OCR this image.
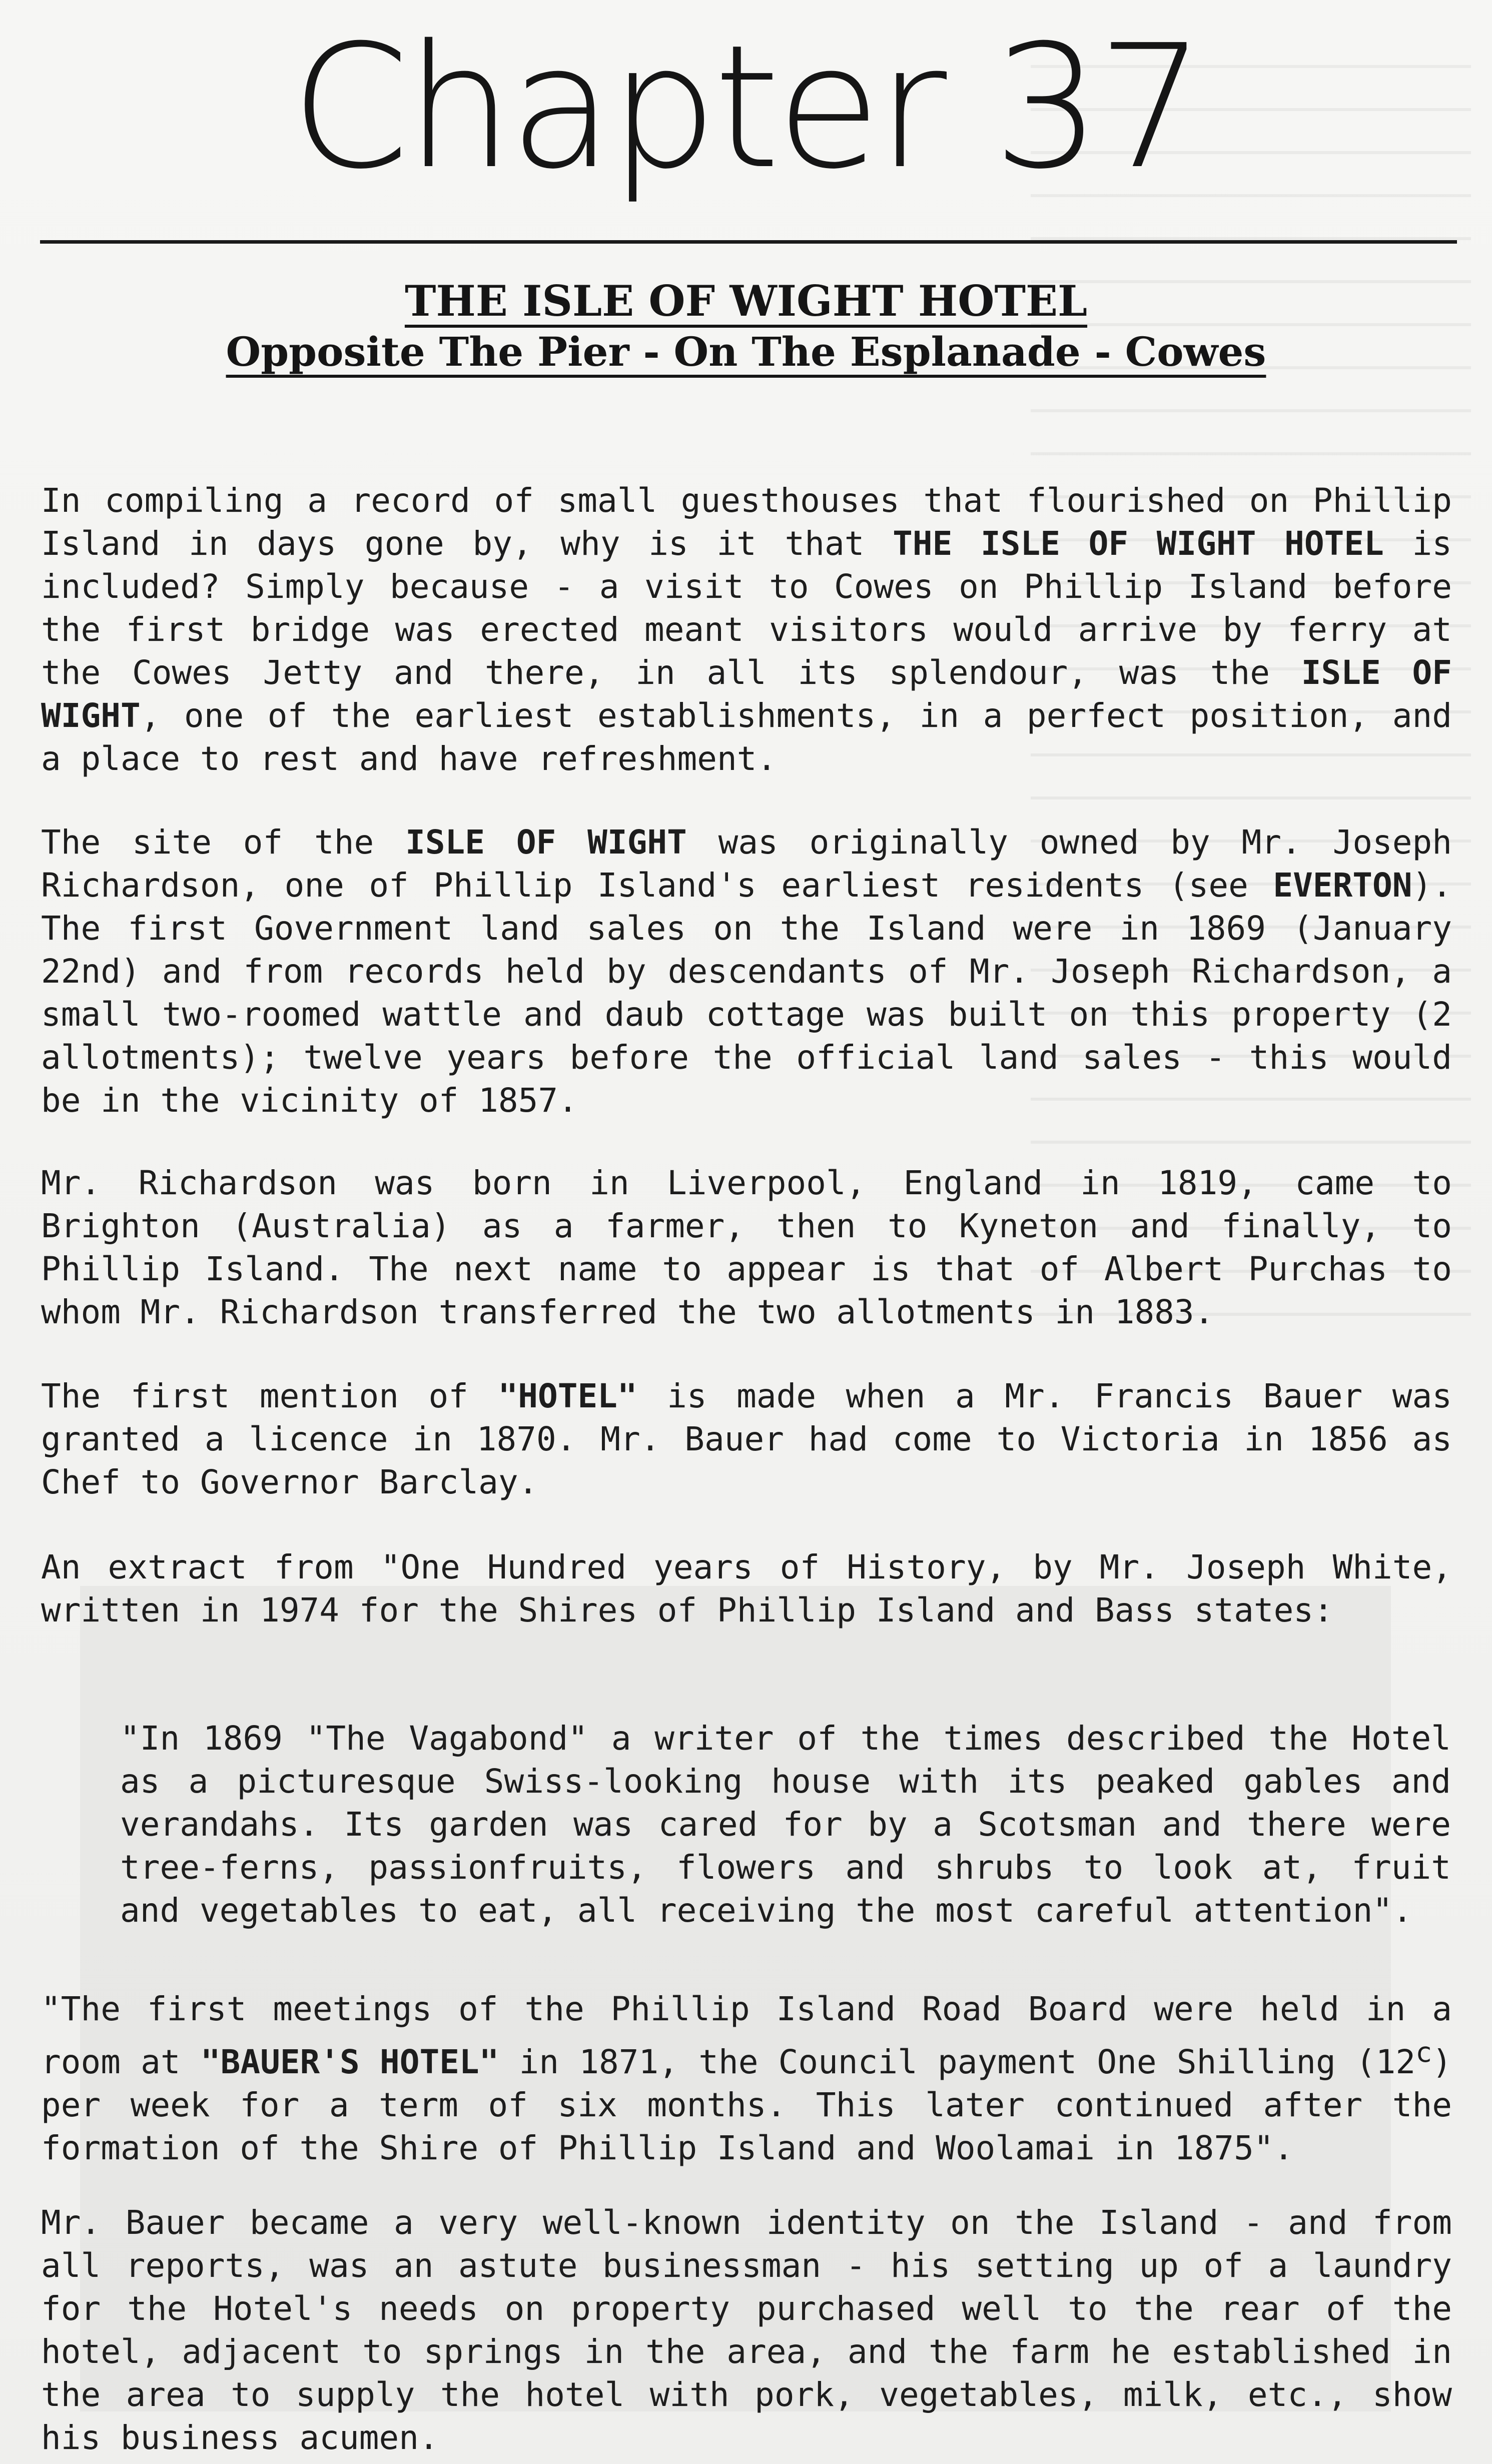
Chapter 37
THE ISLE OF WIGHT HOTEL
Opposite The Pier - On The Esplanade - Cowes

In compiling a record of small guesthouses that flourished on Phillip Island in days gone by, why is it that THE ISLE OF WIGHT HOTEL is included? Simply because - a visit to Cowes on Phillip Island before the first bridge was erected meant visitors would arrive by ferry at the Cowes Jetty and there, in all its splendour, was the ISLE OF WIGHT, one of the earliest establishments, in a perfect position, and a place to rest and have refreshment.

The site of the ISLE OF WIGHT was originally owned by Mr. Joseph Richardson, one of Phillip Island's earliest residents (see EVERTON). The first Government land sales on the Island were in 1869 (January 22nd) and from records held by descendants of Mr. Joseph Richardson, a small two-roomed wattle and daub cottage was built on this property (2 allotments); twelve years before the official land sales - this would be in the vicinity of 1857.

Mr. Richardson was born in Liverpool, England in 1819, came to Brighton (Australia) as a farmer, then to Kyneton and finally, to Phillip Island. The next name to appear is that of Albert Purchas to whom Mr. Richardson transferred the two allotments in 1883.

The first mention of "HOTEL" is made when a Mr. Francis Bauer was granted a licence in 1870. Mr. Bauer had come to Victoria in 1856 as Chef to Governor Barclay.

An extract from "One Hundred years of History, by Mr. Joseph White, written in 1974 for the Shires of Phillip Island and Bass states:

"In 1869 "The Vagabond" a writer of the times described the Hotel as a picturesque Swiss-looking house with its peaked gables and verandahs. Its garden was cared for by a Scotsman and there were tree-ferns, passionfruits, flowers and shrubs to look at, fruit and vegetables to eat, all receiving the most careful attention".

"The first meetings of the Phillip Island Road Board were held in a room at "BAUER'S HOTEL" in 1871, the Council payment One Shilling (12$^c$) per week for a term of six months. This later continued after the formation of the Shire of Phillip Island and Woolamai in 1875".

Mr. Bauer became a very well-known identity on the Island - and from all reports, was an astute businessman - his setting up of a laundry for the Hotel's needs on property purchased well to the rear of the hotel, adjacent to springs in the area, and the farm he established in the area to supply the hotel with pork, vegetables, milk, etc., show his business acumen.
